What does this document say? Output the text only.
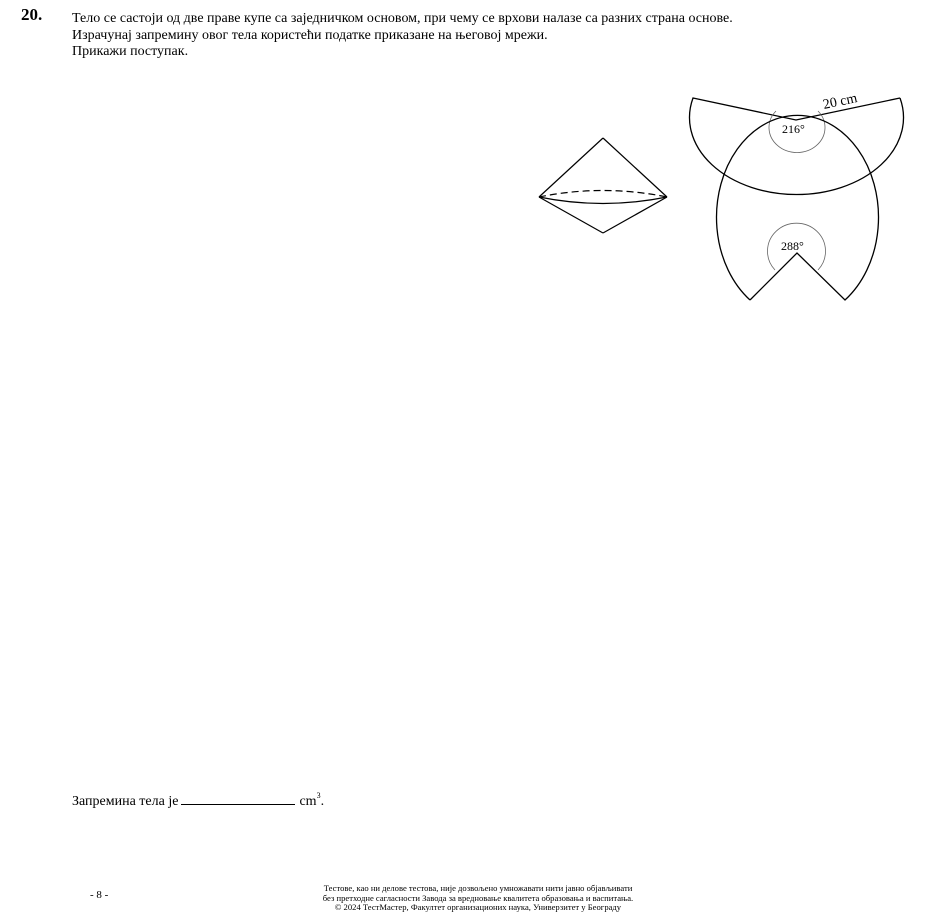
20. Тело се састоји од две праве купе са заједничком основом, при чему се врхови налазе са разних страна основе.
Израчунај запремину овог тела користећи податке приказане на његовој мрежи.
Прикажи поступак.
20 cm
216°
288°
Запремина тела је	$cm^3$.
- 8 -
Тестове, као ни делове тестова, није дозвољено умножавати нити јавно објављивати
без претходне сагласности Завода за вредновање квалитета образовања и васпитања.
© 2024 ТестМастер, Факултет организационих наука, Универзитет у Београду
